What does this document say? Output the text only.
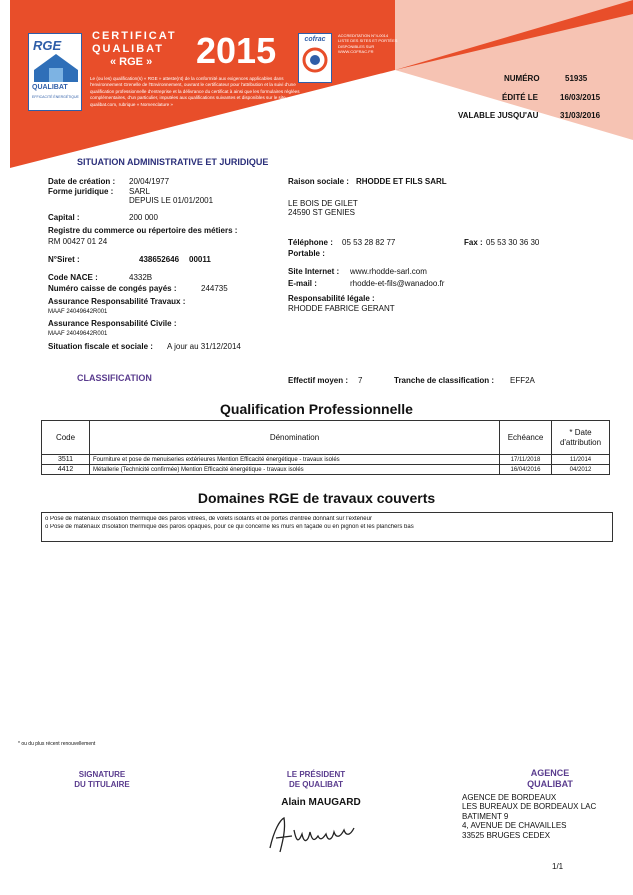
RGE
QUALIBAT
EFFICACITÉ ÉNERGÉTIQUE
CERTIFICAT
QUALIBAT
« RGE » 2015	cofrac
ACCREDITATION N°4-0014 LISTE DES SITES ET PORTÉES DISPONIBLES SUR WWW.COFRAC.FR
Le (ou les) qualification(s) « RGE » atteste(nt) de la conformité aux exigences applicables dans l'environnement Grenelle de l'Environnement, ouvrant le certificateur pour l'attribution et la suivi d'une qualification professionnelle d'entreprise et la délivrance du certificat à ainsi que les formulaires réglées complémentaires, d'un particulier, imputées aux qualifications suivantes et disponibles sur le site qualibat.com, rubrique « Nomenclature »
NUMÉRO	51935
ÉDITÉ LE	16/03/2015
VALABLE JUSQU'AU	31/03/2016
SITUATION ADMINISTRATIVE ET JURIDIQUE
Date de création : 20/04/1977
Forme juridique : SARL
DEPUIS LE 01/01/2001
Capital :	200 000
Registre du commerce ou répertoire des métiers :
RM 00427 01 24
N°Siret :	438652646 00011
Code NACE :	4332B
Numéro caisse de congés payés :	244735
Assurance Responsabilité Travaux :
MAAF 24049642R001
Assurance Responsabilité Civile :
MAAF 24049642R001
Situation fiscale et sociale : A jour au 31/12/2014
Raison sociale : RHODDE ET FILS SARL
LE BOIS DE GILET
24590 ST GENIES
Téléphone : 05 53 28 82 77	Fax : 05 53 30 36 30
Portable :
Site Internet : www.rhodde-sarl.com
E-mail :	rhodde-et-fils@wanadoo.fr
Responsabilité légale :
RHODDE FABRICE GERANT
CLASSIFICATION	Effectif moyen : 7	Tranche de classification : EFF2A
Qualification Professionnelle
Code	Dénomination	Echéance	* Date d'attribution
3511	Fourniture et pose de menuiseries extérieures Mention Efficacité énergétique - travaux isolés	17/11/2018	11/2014
4412	Métallerie (Technicité confirmée) Mention Efficacité énergétique - travaux isolés	16/04/2016	04/2012
Domaines RGE de travaux couverts
o Pose de matériaux d'isolation thermique des parois vitrées, de volets isolants et de portes d'entrée donnant sur l'extérieur
o Pose de matériaux d'isolation thermique des parois opaques, pour ce qui concerne les murs en façade ou en pignon et les planchers bas
* ou du plus récent renouvellement
SIGNATURE
DU TITULAIRE
LE PRÉSIDENT
DE QUALIBAT
Alain MAUGARD
AGENCE
QUALIBAT
AGENCE DE BORDEAUX
LES BUREAUX DE BORDEAUX LAC
BATIMENT 9
4, AVENUE DE CHAVAILLES
33525 BRUGES CEDEX
1/1
